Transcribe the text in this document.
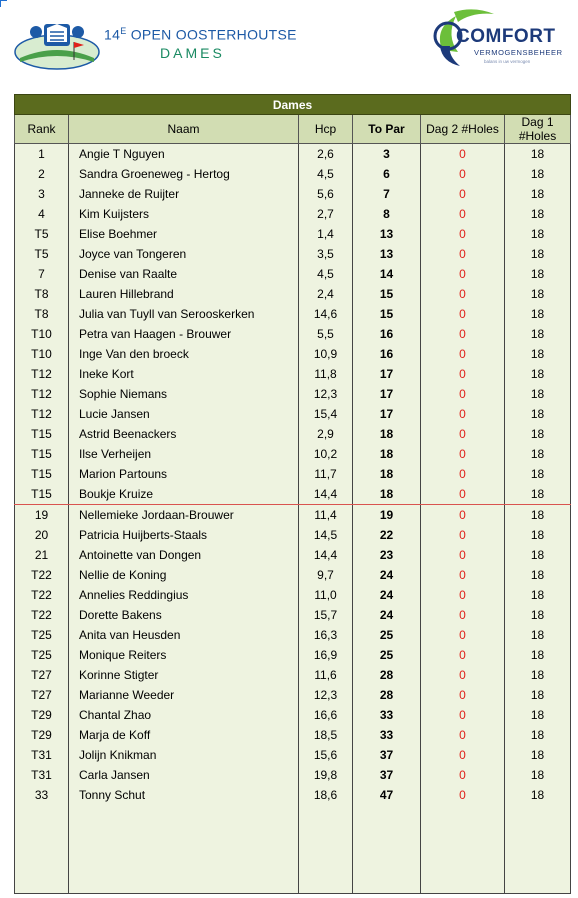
$14^E$ OPEN OOSTERHOUTSE
DAMES
COMFORT
VERMOGENSBEHEER
balans in uw vermogen
Dames					
Rank	Naam	Hcp	To Par	Dag 2 #Holes	Dag 1 #Holes
1	Angie T Nguyen	2,6	3	0	18
2	Sandra Groeneweg - Hertog	4,5	6	0	18
3	Janneke de Ruijter	5,6	7	0	18
4	Kim Kuijsters	2,7	8	0	18
T5	Elise Boehmer	1,4	13	0	18
T5	Joyce van Tongeren	3,5	13	0	18
7	Denise van Raalte	4,5	14	0	18
T8	Lauren Hillebrand	2,4	15	0	18
T8	Julia van Tuyll van Serooskerken	14,6	15	0	18
T10	Petra van Haagen - Brouwer	5,5	16	0	18
T10	Inge Van den broeck	10,9	16	0	18
T12	Ineke Kort	11,8	17	0	18
T12	Sophie Niemans	12,3	17	0	18
T12	Lucie Jansen	15,4	17	0	18
T15	Astrid Beenackers	2,9	18	0	18
T15	Ilse Verheijen	10,2	18	0	18
T15	Marion Partouns	11,7	18	0	18
T15	Boukje Kruize	14,4	18	0	18
19	Nellemieke Jordaan-Brouwer	11,4	19	0	18
20	Patricia Huijberts-Staals	14,5	22	0	18
21	Antoinette van Dongen	14,4	23	0	18
T22	Nellie de Koning	9,7	24	0	18
T22	Annelies Reddingius	11,0	24	0	18
T22	Dorette Bakens	15,7	24	0	18
T25	Anita van Heusden	16,3	25	0	18
T25	Monique Reiters	16,9	25	0	18
T27	Korinne Stigter	11,6	28	0	18
T27	Marianne Weeder	12,3	28	0	18
T29	Chantal Zhao	16,6	33	0	18
T29	Marja de Koff	18,5	33	0	18
T31	Jolijn Knikman	15,6	37	0	18
T31	Carla Jansen	19,8	37	0	18
33	Tonny Schut	18,6	47	0	18
